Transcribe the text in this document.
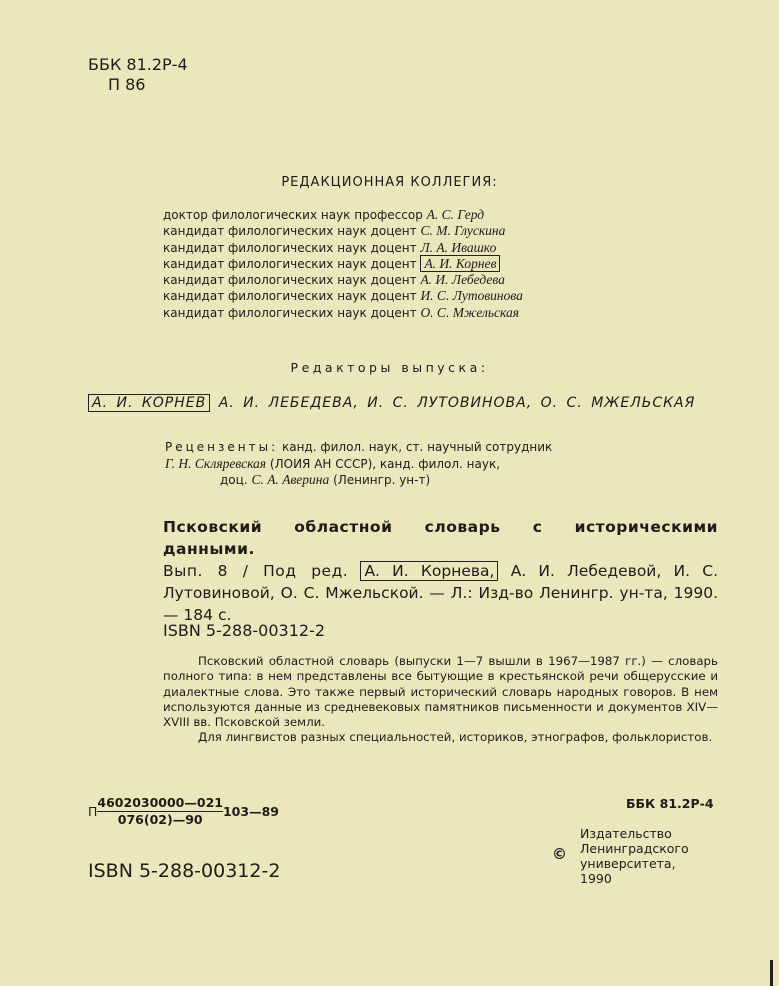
ББК 81.2Р-4
П 86
РЕДАКЦИОННАЯ КОЛЛЕГИЯ:
доктор филологических наук профессор А. С. Герд
кандидат филологических наук доцент С. М. Глускина
кандидат филологических наук доцент Л. А. Ивашко
кандидат филологических наук доцент А. И. Корнев
кандидат филологических наук доцент А. И. Лебедева
кандидат филологических наук доцент И. С. Лутовинова
кандидат филологических наук доцент О. С. Мжельская
Редакторы выпуска:
А. И. КОРНЕВ А. И. ЛЕБЕДЕВА, И. С. ЛУТОВИНОВА, О. С. МЖЕЛЬСКАЯ
Рецензенты: канд. филол. наук, ст. научный сотрудник
Г. Н. Скляревская (ЛОИЯ АН СССР), канд. филол. наук,
доц. С. А. Аверина (Ленингр. ун-т)
Псковский областной словарь с историческими данными.
Вып. 8 / Под ред. А. И. Корнева, А. И. Лебедевой, И. С. Лутовиновой, О. С. Мжельской. — Л.: Изд-во Ленингр. ун-та, 1990. — 184 с.
ISBN 5-288-00312-2

Псковский областной словарь (выпуски 1—7 вышли в 1967—1987 гг.) — словарь полного типа: в нем представлены все бытующие в крестьянской речи общерусские и диалектные слова. Это также первый исторический словарь народных говоров. В нем используются данные из средневековых памятников письменности и документов XIV—XVIII вв. Псковской земли.

Для лингвистов разных специальностей, историков, этнографов, фольклористов.

П $\frac{4602030000—021}{076(02)—90}$ 103—89
ББК 81.2Р-4
©
Издательство
Ленинградского
университета,
1990
ISBN 5-288-00312-2
